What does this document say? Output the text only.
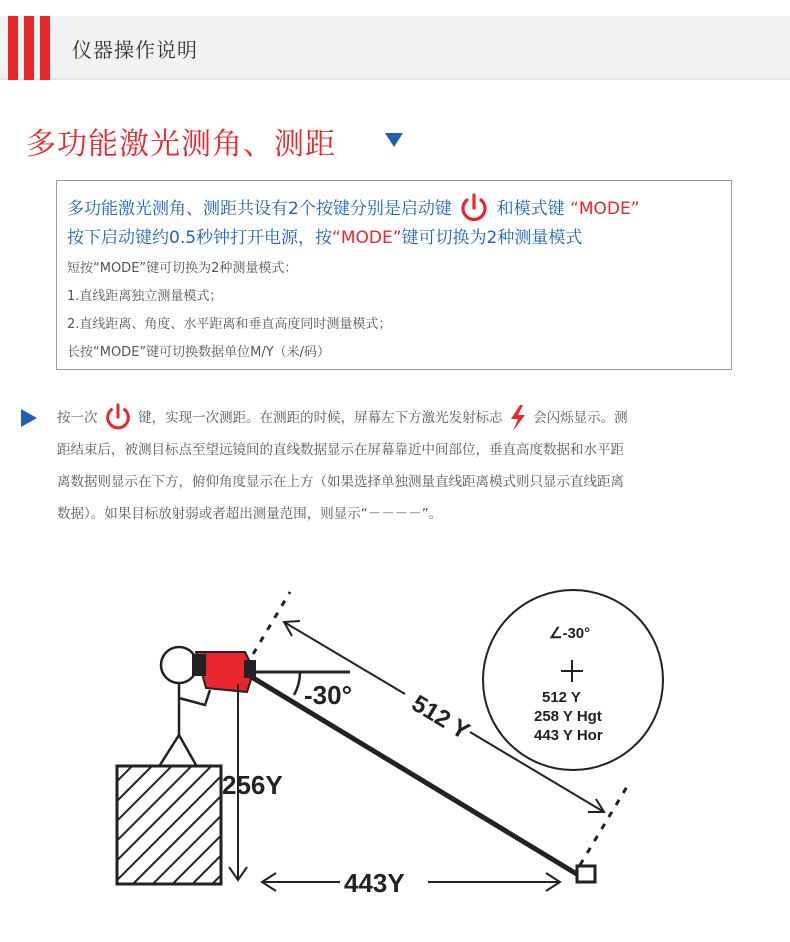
仪器操作说明
多功能激光测角、测距
多功能激光测角、测距共设有2个按键分别是启动键	和模式键 “MODE”
按下启动键约0.5秒钟打开电源，按“MODE”键可切换为2种测量模式
短按“MODE”键可切换为2种测量模式：
1.直线距离独立测量模式；
2.直线距离、角度、水平距离和垂直高度同时测量模式；
长按“MODE”键可切换数据单位M/Y（米/码）
按一次	键，实现一次测距。在测距的时候，屏幕左下方激光发射标志 会闪烁显示。测
距结束后，被测目标点至望远镜间的直线数据显示在屏幕靠近中间部位，垂直高度数据和水平距
离数据则显示在下方，俯仰角度显示在上方（如果选择单独测量直线距离模式则只显示直线距离
数据）。如果目标放射弱或者超出测量范围，则显示“－－－－”。
-30° 512 Y
256Y
443Y
∠-30°
512 Y
258 Y Hgt
443 Y Hor
